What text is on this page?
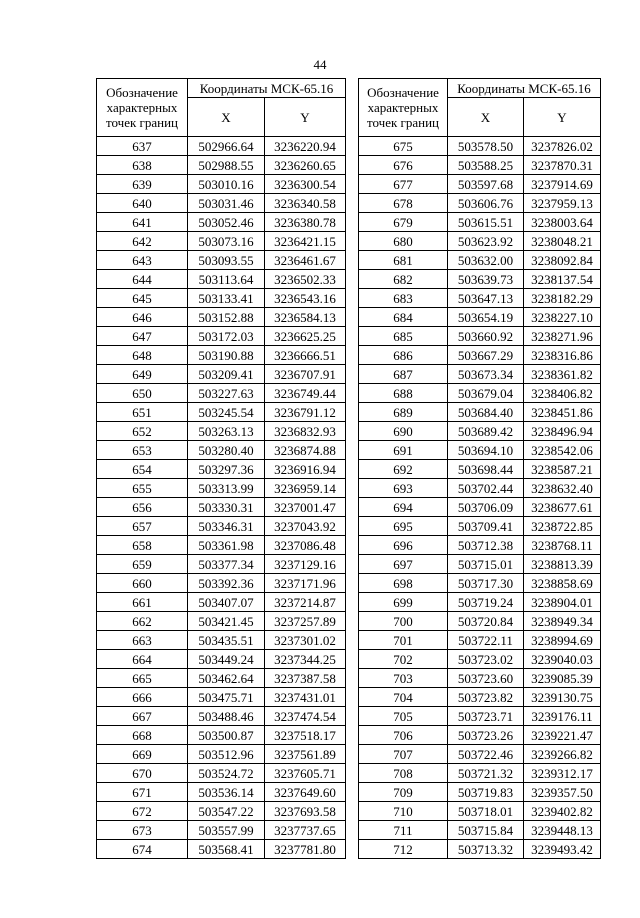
44
Обозначение характерных точек границ	Координаты МСК-65.16	
	X	Y
637	502966.64	3236220.94
638	502988.55	3236260.65
639	503010.16	3236300.54
640	503031.46	3236340.58
641	503052.46	3236380.78
642	503073.16	3236421.15
643	503093.55	3236461.67
644	503113.64	3236502.33
645	503133.41	3236543.16
646	503152.88	3236584.13
647	503172.03	3236625.25
648	503190.88	3236666.51
649	503209.41	3236707.91
650	503227.63	3236749.44
651	503245.54	3236791.12
652	503263.13	3236832.93
653	503280.40	3236874.88
654	503297.36	3236916.94
655	503313.99	3236959.14
656	503330.31	3237001.47
657	503346.31	3237043.92
658	503361.98	3237086.48
659	503377.34	3237129.16
660	503392.36	3237171.96
661	503407.07	3237214.87
662	503421.45	3237257.89
663	503435.51	3237301.02
664	503449.24	3237344.25
665	503462.64	3237387.58
666	503475.71	3237431.01
667	503488.46	3237474.54
668	503500.87	3237518.17
669	503512.96	3237561.89
670	503524.72	3237605.71
671	503536.14	3237649.60
672	503547.22	3237693.58
673	503557.99	3237737.65
674	503568.41	3237781.80
Обозначение характерных точек границ	Координаты МСК-65.16	
	X	Y
675	503578.50	3237826.02
676	503588.25	3237870.31
677	503597.68	3237914.69
678	503606.76	3237959.13
679	503615.51	3238003.64
680	503623.92	3238048.21
681	503632.00	3238092.84
682	503639.73	3238137.54
683	503647.13	3238182.29
684	503654.19	3238227.10
685	503660.92	3238271.96
686	503667.29	3238316.86
687	503673.34	3238361.82
688	503679.04	3238406.82
689	503684.40	3238451.86
690	503689.42	3238496.94
691	503694.10	3238542.06
692	503698.44	3238587.21
693	503702.44	3238632.40
694	503706.09	3238677.61
695	503709.41	3238722.85
696	503712.38	3238768.11
697	503715.01	3238813.39
698	503717.30	3238858.69
699	503719.24	3238904.01
700	503720.84	3238949.34
701	503722.11	3238994.69
702	503723.02	3239040.03
703	503723.60	3239085.39
704	503723.82	3239130.75
705	503723.71	3239176.11
706	503723.26	3239221.47
707	503722.46	3239266.82
708	503721.32	3239312.17
709	503719.83	3239357.50
710	503718.01	3239402.82
711	503715.84	3239448.13
712	503713.32	3239493.42
